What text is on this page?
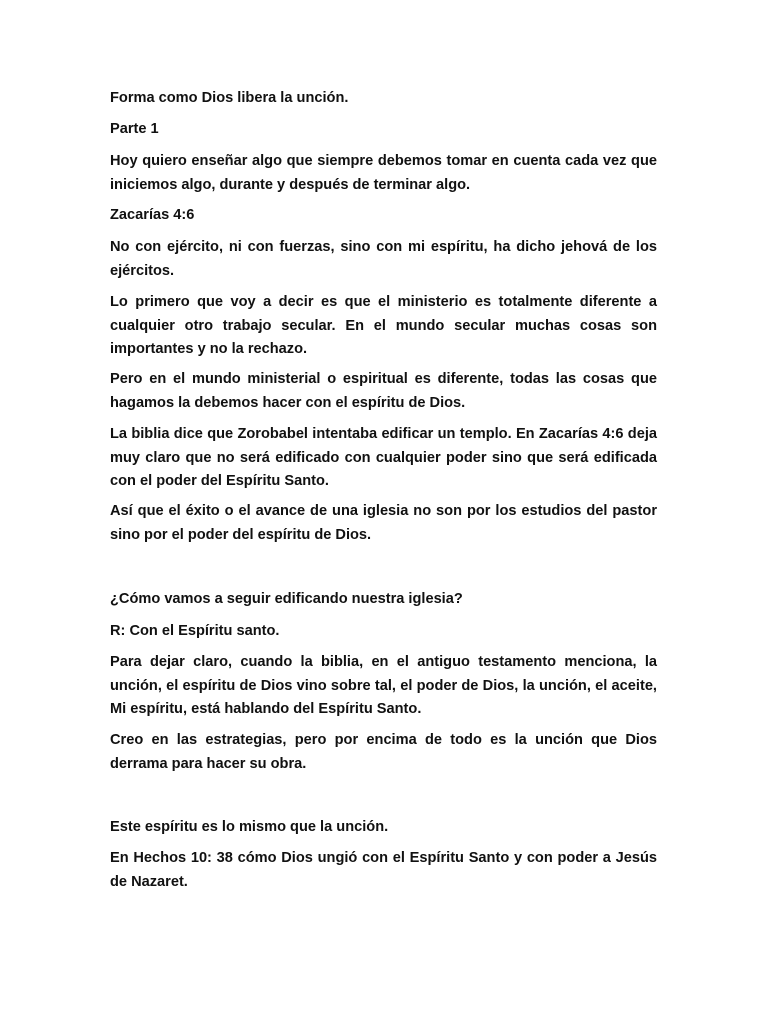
Forma como Dios libera la unción.

Parte 1

Hoy quiero enseñar algo que siempre debemos tomar en cuenta cada vez que iniciemos algo, durante y después de terminar algo.

Zacarías 4:6

No con ejército, ni con fuerzas, sino con mi espíritu, ha dicho jehová de los ejércitos.

Lo primero que voy a decir es que el ministerio es totalmente diferente a cualquier otro trabajo secular. En el mundo secular muchas cosas son importantes y no la rechazo.

Pero en el mundo ministerial o espiritual es diferente, todas las cosas que hagamos la debemos hacer con el espíritu de Dios.

La biblia dice que Zorobabel intentaba edificar un templo. En Zacarías 4:6 deja muy claro que no será edificado con cualquier poder sino que será edificada con el poder del Espíritu Santo.

Así que el éxito o el avance de una iglesia no son por los estudios del pastor sino por el poder del espíritu de Dios.

¿Cómo vamos a seguir edificando nuestra iglesia?

R: Con el Espíritu santo.

Para dejar claro, cuando la biblia, en el antiguo testamento menciona, la unción, el espíritu de Dios vino sobre tal, el poder de Dios, la unción, el aceite, Mi espíritu, está hablando del Espíritu Santo.

Creo en las estrategias, pero por encima de todo es la unción que Dios derrama para hacer su obra.

Este espíritu es lo mismo que la unción.

En Hechos 10: 38 cómo Dios ungió con el Espíritu Santo y con poder a Jesús de Nazaret.
